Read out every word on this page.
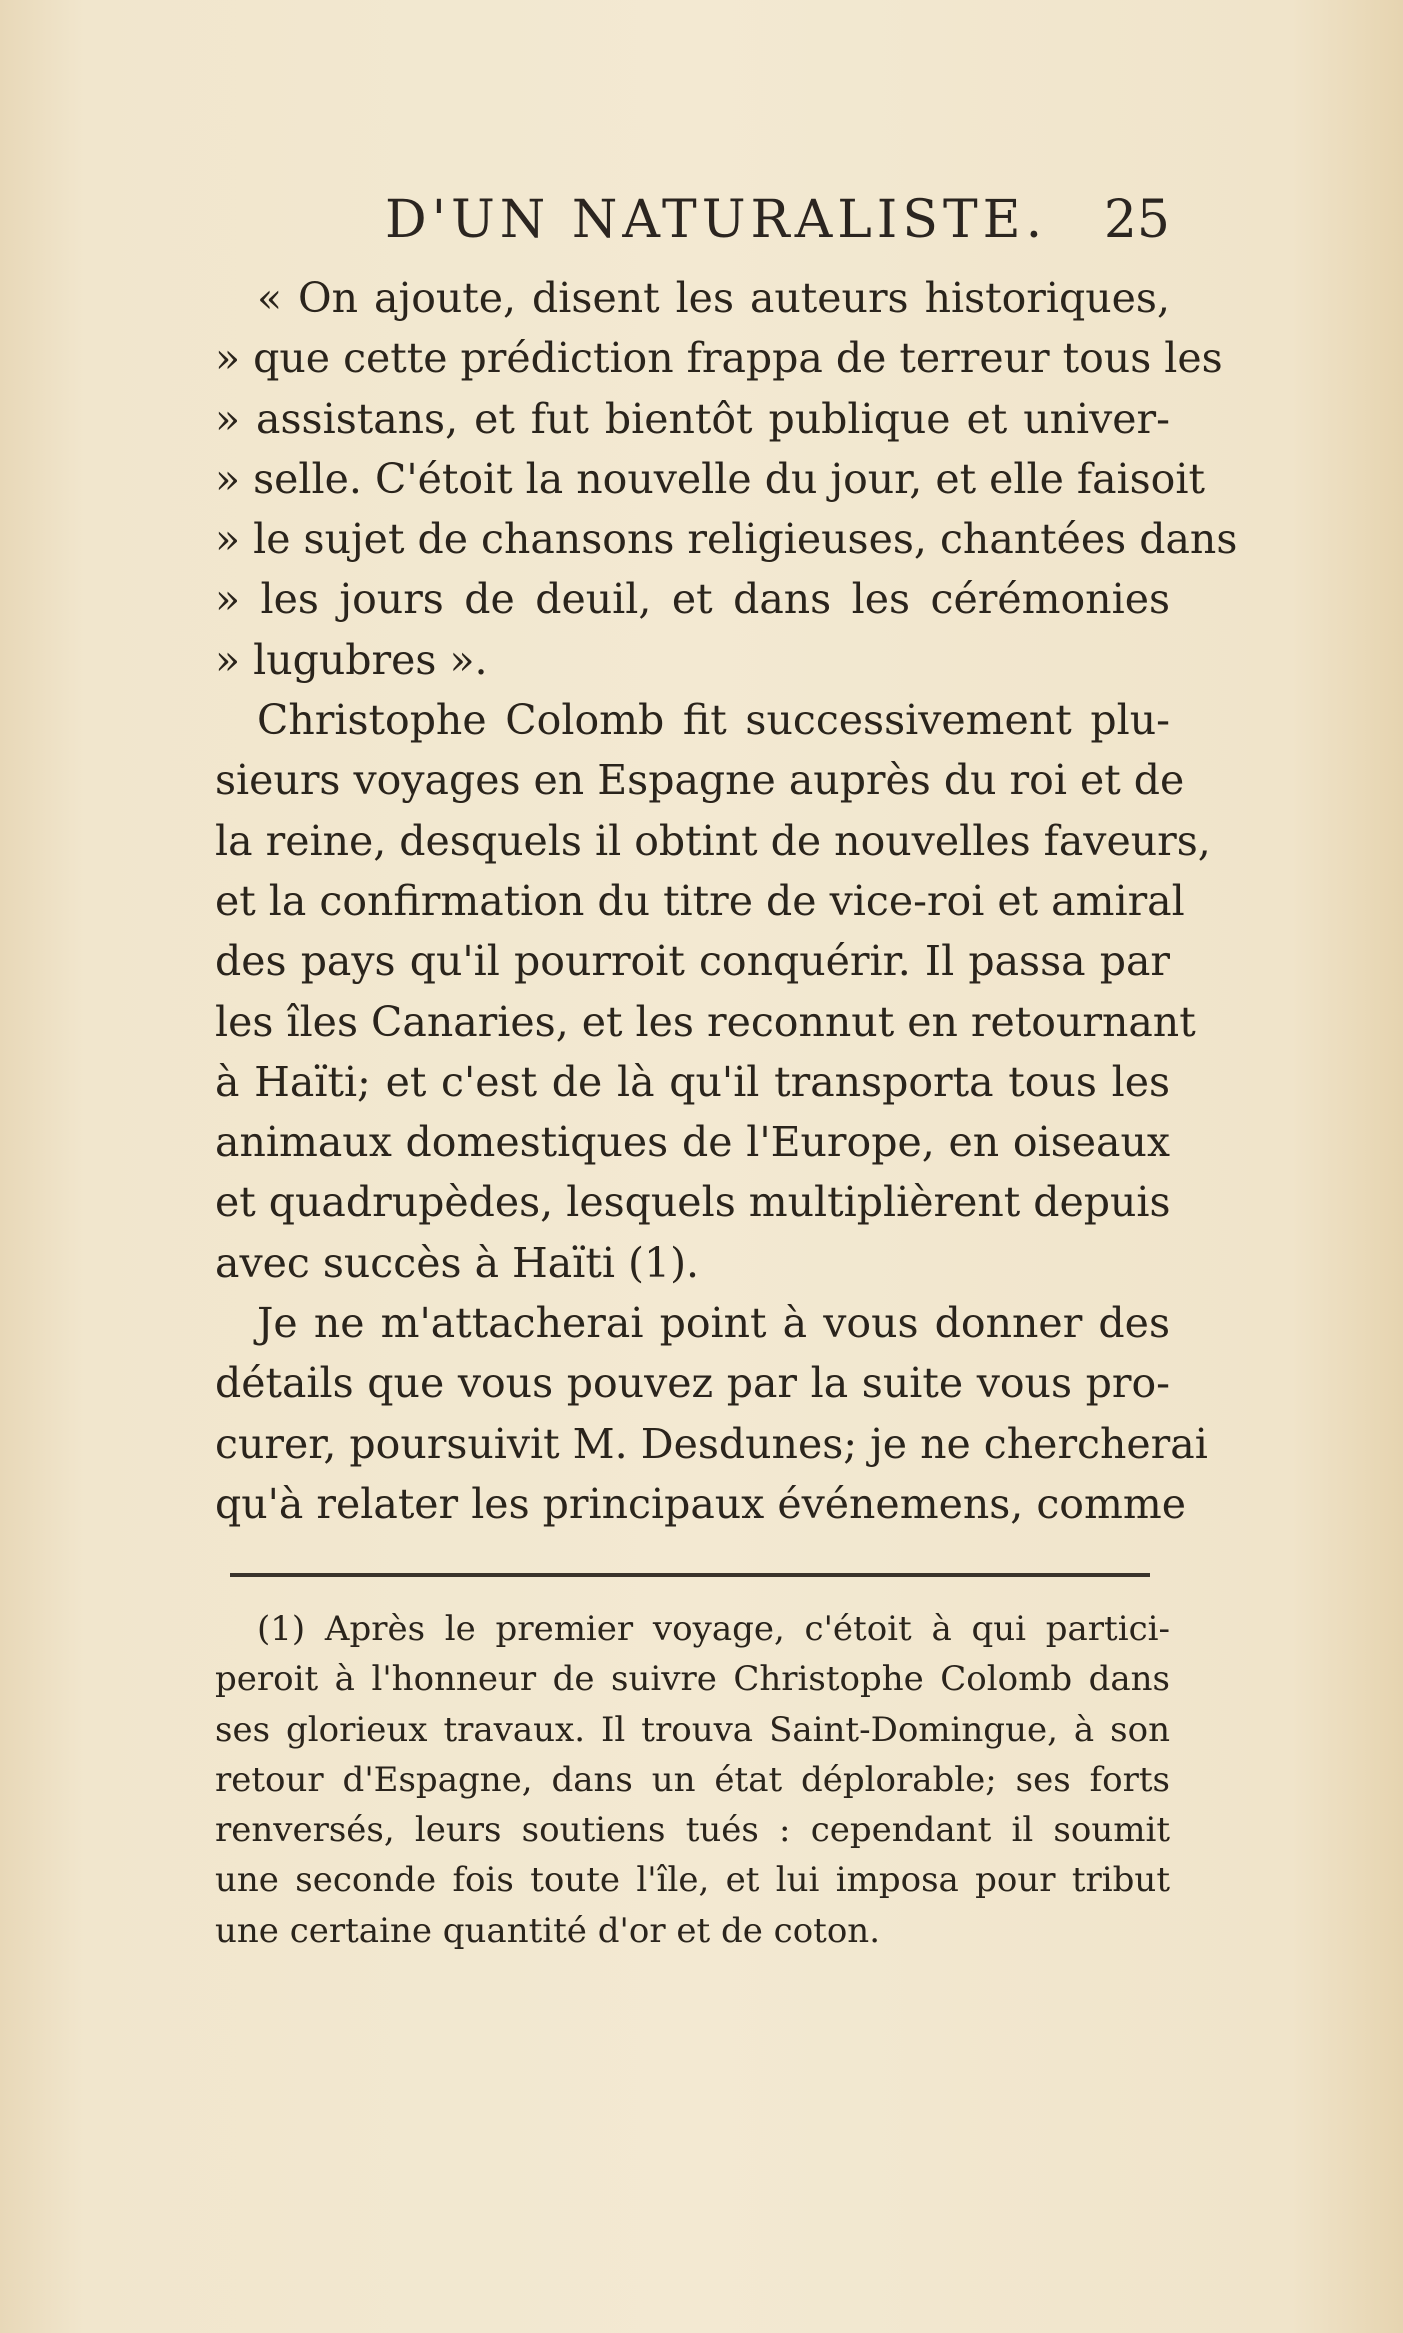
D'UN NATURALISTE. 25
« On ajoute, disent les auteurs historiques,
» que cette prédiction frappa de terreur tous les
» assistans, et fut bientôt publique et univer-
» selle. C'étoit la nouvelle du jour, et elle faisoit
» le sujet de chansons religieuses, chantées dans
» les jours de deuil, et dans les cérémonies
» lugubres ».
Christophe Colomb fit successivement plu-
sieurs voyages en Espagne auprès du roi et de
la reine, desquels il obtint de nouvelles faveurs,
et la confirmation du titre de vice-roi et amiral
des pays qu'il pourroit conquérir. Il passa par
les îles Canaries, et les reconnut en retournant
à Haïti; et c'est de là qu'il transporta tous les
animaux domestiques de l'Europe, en oiseaux
et quadrupèdes, lesquels multiplièrent depuis
avec succès à Haïti (1).
Je ne m'attacherai point à vous donner des
détails que vous pouvez par la suite vous pro-
curer, poursuivit M. Desdunes; je ne chercherai
qu'à relater les principaux événemens, comme
(1) Après le premier voyage, c'étoit à qui partici-
peroit à l'honneur de suivre Christophe Colomb dans
ses glorieux travaux. Il trouva Saint-Domingue, à son
retour d'Espagne, dans un état déplorable; ses forts
renversés, leurs soutiens tués : cependant il soumit
une seconde fois toute l'île, et lui imposa pour tribut
une certaine quantité d'or et de coton.
